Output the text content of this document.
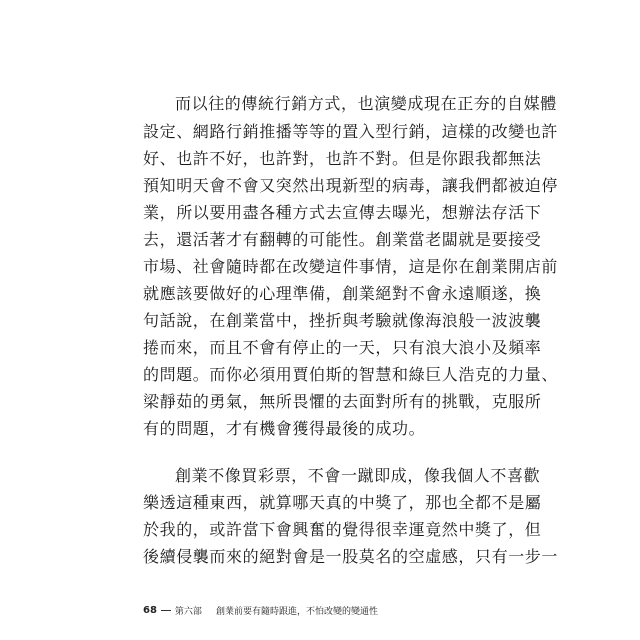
而以往的傳統行銷方式，也演變成現在正夯的自媒體
設定、網路行銷推播等等的置入型行銷，這樣的改變也許
好、也許不好，也許對，也許不對。但是你跟我都無法
預知明天會不會又突然出現新型的病毒，讓我們都被迫停
業，所以要用盡各種方式去宣傳去曝光，想辦法存活下
去，還活著才有翻轉的可能性。創業當老闆就是要接受
市場、社會隨時都在改變這件事情，這是你在創業開店前
就應該要做好的心理準備，創業絕對不會永遠順遂，換
句話說，在創業當中，挫折與考驗就像海浪般一波波襲
捲而來，而且不會有停止的一天，只有浪大浪小及頻率
的問題。而你必須用賈伯斯的智慧和綠巨人浩克的力量、
梁靜茹的勇氣，無所畏懼的去面對所有的挑戰，克服所
有的問題，才有機會獲得最後的成功。
創業不像買彩票，不會一蹴即成，像我個人不喜歡
樂透這種東西，就算哪天真的中獎了，那也全都不是屬
於我的，或許當下會興奮的覺得很幸運竟然中獎了，但
後續侵襲而來的絕對會是一股莫名的空虛感，只有一步一
68 第六部 創業前要有隨時跟進，不怕改變的變通性
